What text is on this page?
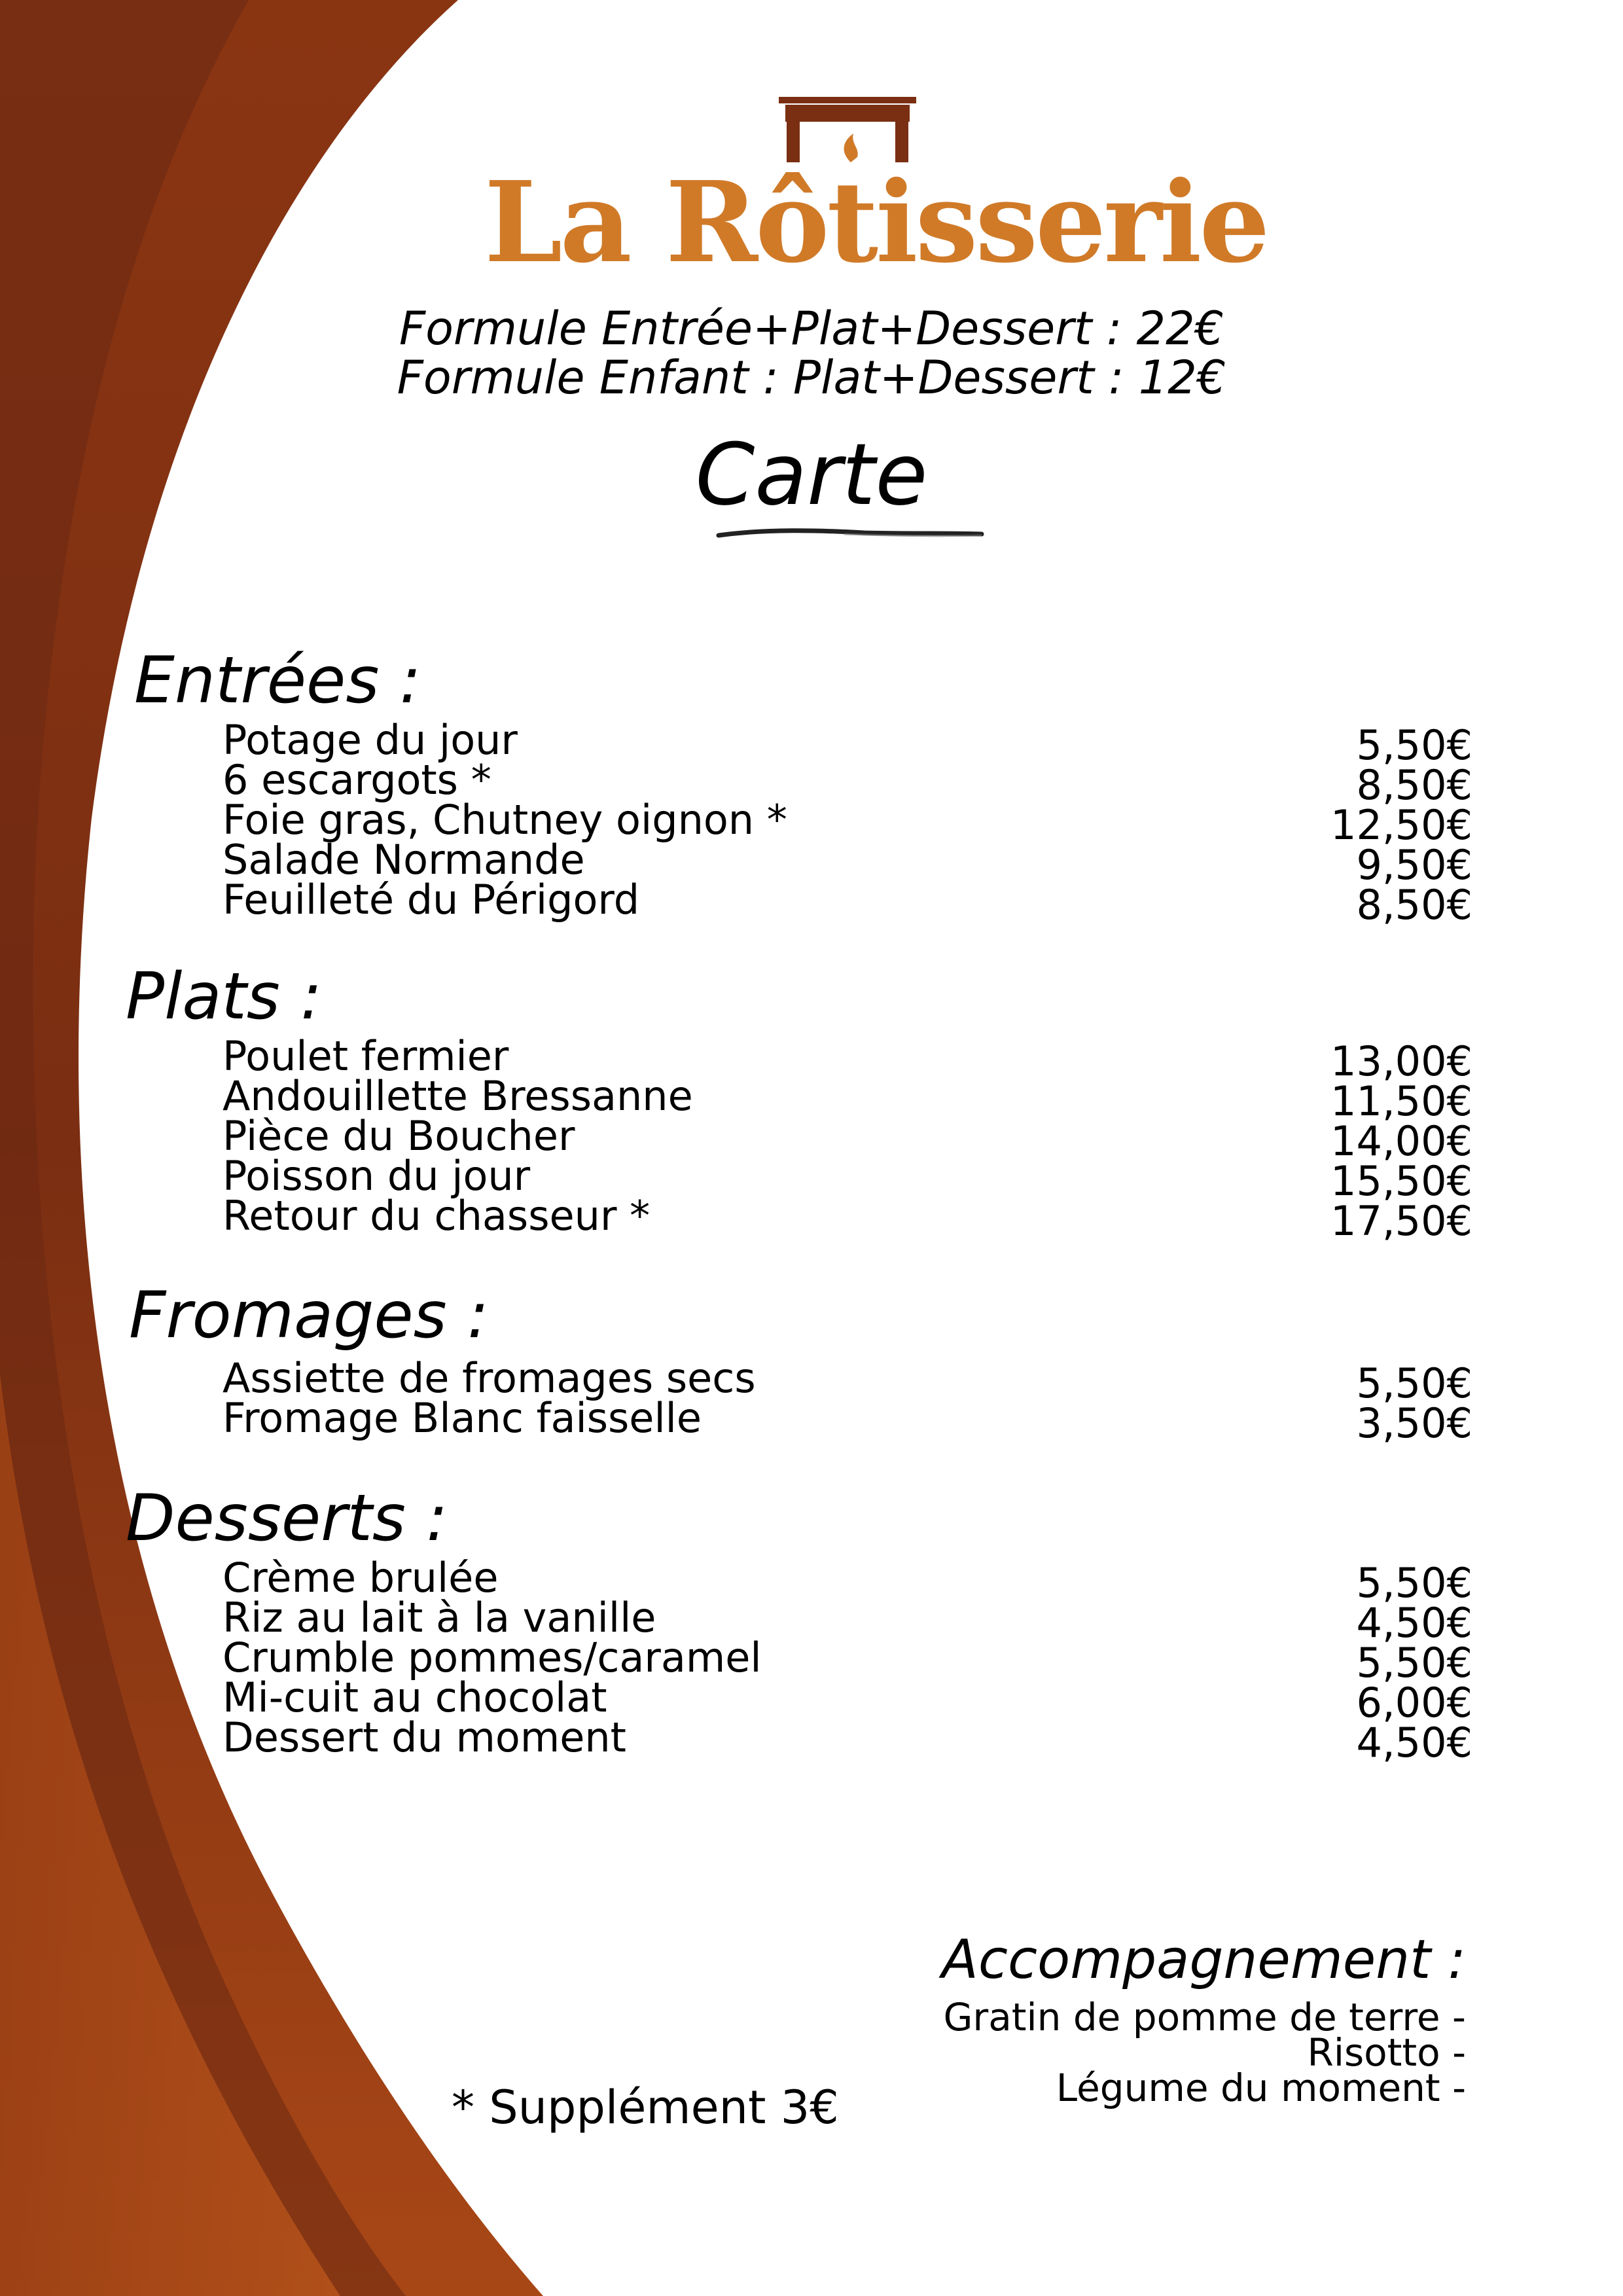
La Rôtisserie
Formule Entrée+Plat+Dessert : 22€
Formule Enfant : Plat+Dessert : 12€
Carte
Entrées :
Potage du jour	5,50€
6 escargots *	8,50€
Foie gras, Chutney oignon *	12,50€
Salade Normande	9,50€
Feuilleté du Périgord	8,50€
Plats :
Poulet fermier	13,00€
Andouillette Bressanne	11,50€
Pièce du Boucher	14,00€
Poisson du jour	15,50€
Retour du chasseur *	17,50€
Fromages :
Assiette de fromages secs	5,50€
Fromage Blanc faisselle	3,50€
Desserts :
Crème brulée	5,50€
Riz au lait à la vanille	4,50€
Crumble pommes/caramel	5,50€
Mi-cuit au chocolat	6,00€
Dessert du moment	4,50€
Accompagnement :
Gratin de pomme de terre -
Risotto -
Légume du moment -
* Supplément 3€
